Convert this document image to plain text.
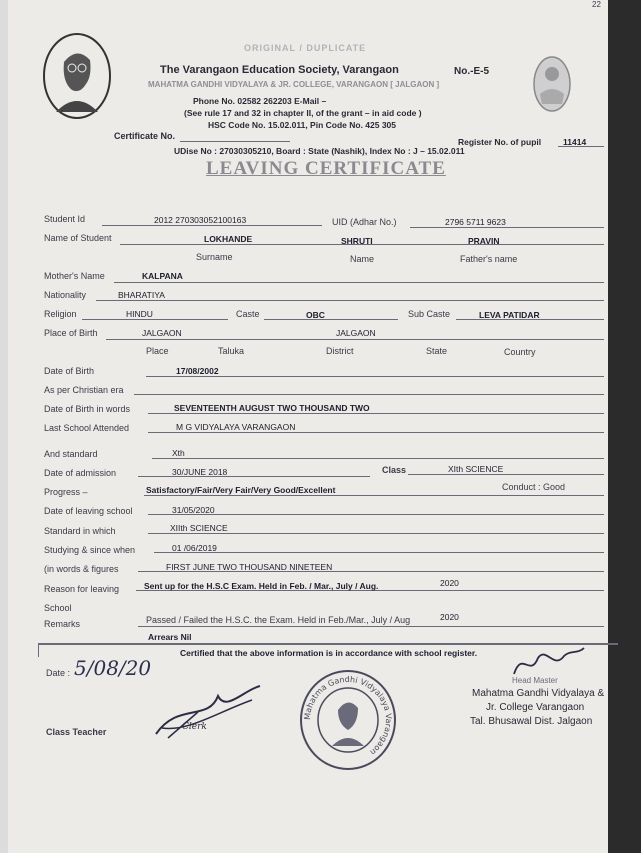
22
ORIGINAL / DUPLICATE
The Varangaon Education Society, Varangaon	No.-E-5
MAHATMA GANDHI VIDYALAYA & JR. COLLEGE, VARANGAON [ JALGAON ]
Phone No. 02582 262203 E-Mail –
(See rule 17 and 32 in chapter II, of the grant – in aid code )
HSC Code No. 15.02.011, Pin Code No. 425 305
Certificate No.
Register No. of pupil	11414
UDise No : 27030305210, Board : State (Nashik), Index No : J – 15.02.011
LEAVING CERTIFICATE
Student Id	2012 270303052100163	UID (Adhar No.)	2796 5711 9623
Name of Student	LOKHANDE	SHRUTI	PRAVIN
Surname	Name	Father's name
Mother's Name	KALPANA
Nationality	BHARATIYA
Religion	HINDU	Caste	OBC	Sub Caste	LEVA PATIDAR
Place of Birth	JALGAON	JALGAON
Place	Taluka	District	State	Country
Date of Birth	17/08/2002
As per Christian era
Date of Birth in words	SEVENTEENTH AUGUST TWO THOUSAND TWO
Last School Attended	M G VIDYALAYA VARANGAON
And standard	Xth
Date of admission	30/JUNE 2018	Class	XIth SCIENCE
Progress –	Satisfactory/Fair/Very Fair/Very Good/Excellent	Conduct : Good
Date of leaving school	31/05/2020
Standard in which	XIIth SCIENCE
Studying & since when	01 /06/2019
(in words & figures	FIRST JUNE TWO THOUSAND NINETEEN
Reason for leaving	Sent up for the H.S.C Exam. Held in Feb. / Mar., July / Aug.	2020
School
Remarks	Passed / Failed the H.S.C. the Exam. Held in Feb./Mar., July / Aug	2020
Arrears Nil
Certified that the above information is in accordance with school register.
Date : 5/08/20
Clerk
Class Teacher
Mahatma Gandhi Vidyalaya Varangaon
Head Master
Mahatma Gandhi Vidyalaya &
Jr. College Varangaon
Tal. Bhusawal Dist. Jalgaon
